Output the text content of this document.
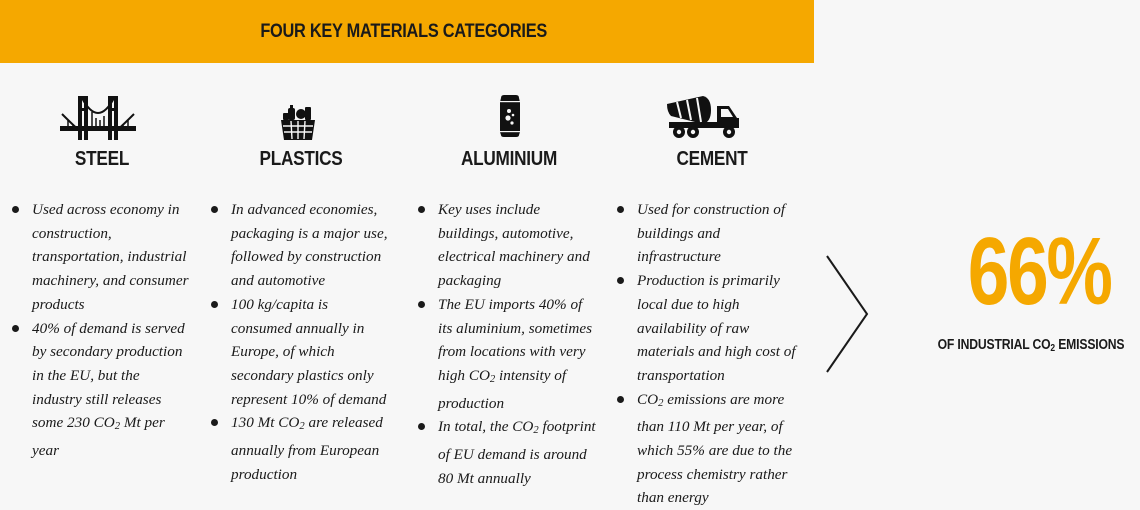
FOUR KEY MATERIALS CATEGORIES
STEEL
Used across economy in construction, transportation, industrial machinery, and consumer products
40% of demand is served by secondary production in the EU, but the industry still releases some 230 $CO_2$ Mt per year
PLASTICS
In advanced economies, packaging is a major use, followed by construction and automotive
100 kg/capita is consumed annually in Europe, of which secondary plastics only represent 10% of demand
130 Mt $CO_2$ are released annually from European production
ALUMINIUM
Key uses include buildings, automotive, electrical machinery and packaging
The EU imports 40% of its aluminium, sometimes from locations with very high $CO_2$ intensity of production
In total, the $CO_2$ footprint of EU demand is around 80 Mt annually
CEMENT
Used for construction of buildings and infrastructure
Production is primarily local due to high availability of raw materials and high cost of transportation
$CO_2$ emissions are more than 110 Mt per year, of which 55% are due to the process chemistry rather than energy
66%
OF INDUSTRIAL $CO_2$ EMISSIONS
